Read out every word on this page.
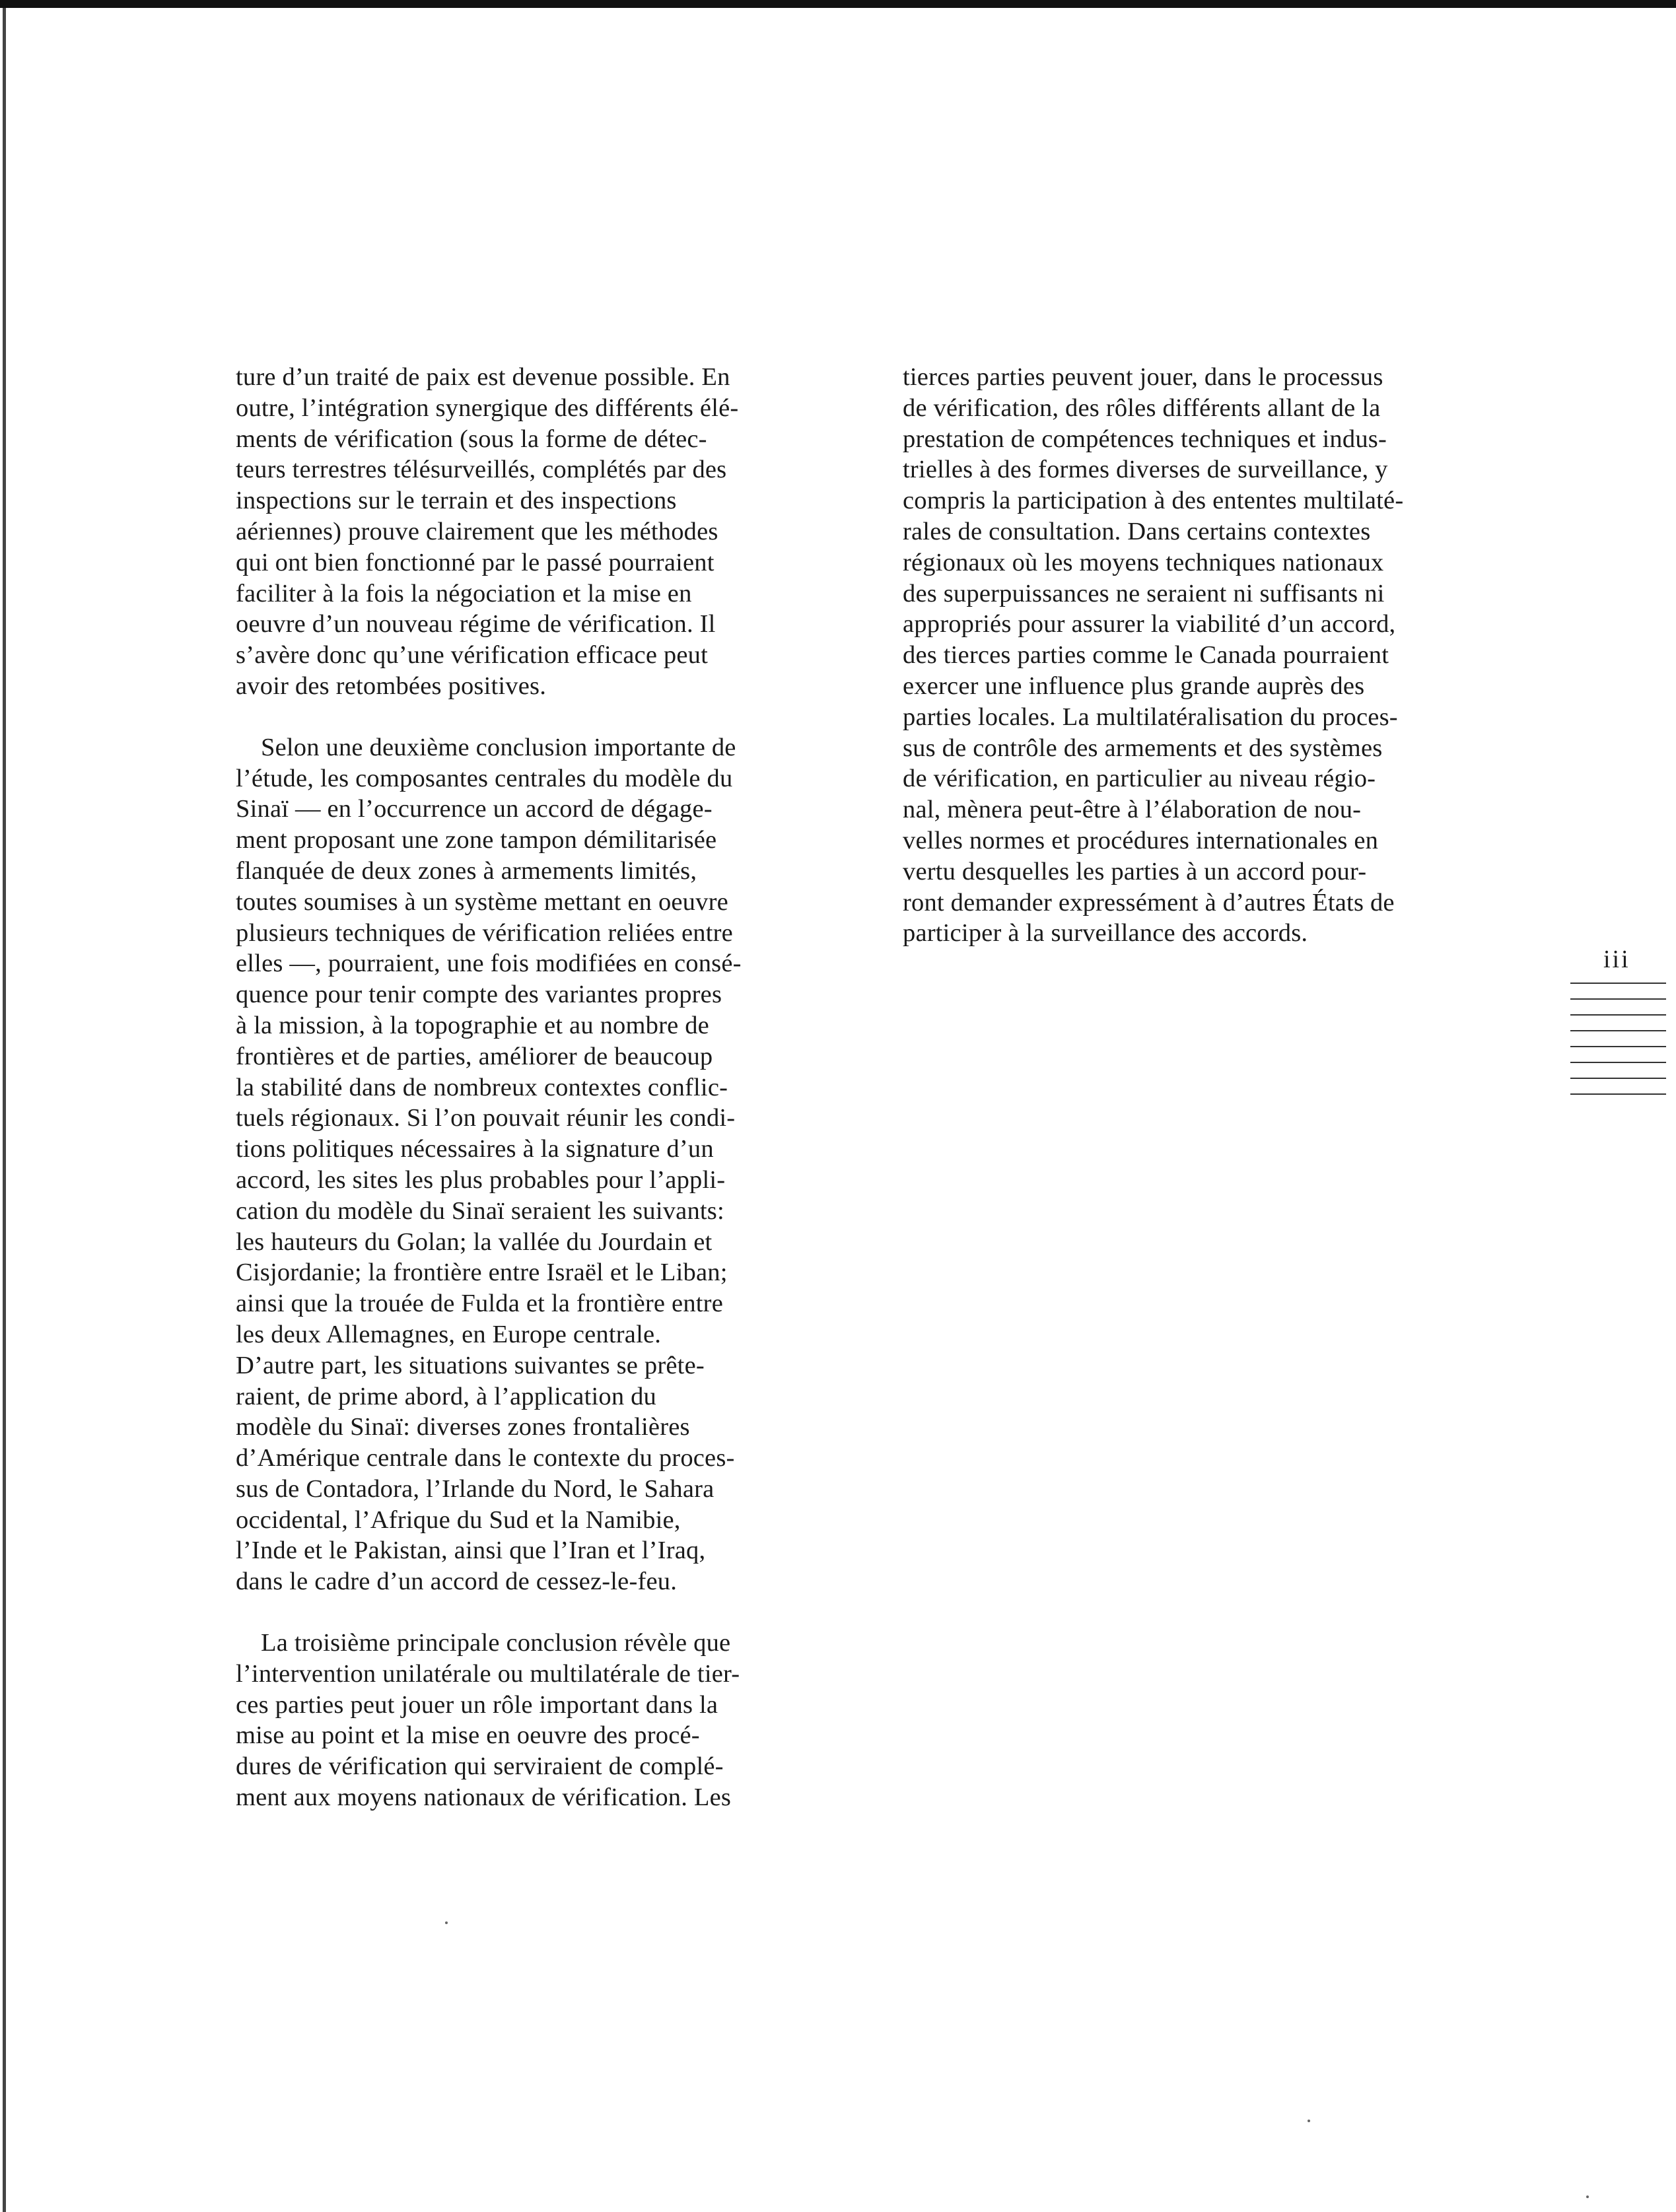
ture d’un traité de paix est devenue possible. En
outre, l’intégration synergique des différents élé-
ments de vérification (sous la forme de détec-
teurs terrestres télésurveillés, complétés par des
inspections sur le terrain et des inspections
aériennes) prouve clairement que les méthodes
qui ont bien fonctionné par le passé pourraient
faciliter à la fois la négociation et la mise en
oeuvre d’un nouveau régime de vérification. Il
s’avère donc qu’une vérification efficace peut
avoir des retombées positives.
Selon une deuxième conclusion importante de
l’étude, les composantes centrales du modèle du
Sinaï — en l’occurrence un accord de dégage-
ment proposant une zone tampon démilitarisée
flanquée de deux zones à armements limités,
toutes soumises à un système mettant en oeuvre
plusieurs techniques de vérification reliées entre
elles —, pourraient, une fois modifiées en consé-
quence pour tenir compte des variantes propres
à la mission, à la topographie et au nombre de
frontières et de parties, améliorer de beaucoup
la stabilité dans de nombreux contextes conflic-
tuels régionaux. Si l’on pouvait réunir les condi-
tions politiques nécessaires à la signature d’un
accord, les sites les plus probables pour l’appli-
cation du modèle du Sinaï seraient les suivants:
les hauteurs du Golan; la vallée du Jourdain et
Cisjordanie; la frontière entre Israël et le Liban;
ainsi que la trouée de Fulda et la frontière entre
les deux Allemagnes, en Europe centrale.
D’autre part, les situations suivantes se prête-
raient, de prime abord, à l’application du
modèle du Sinaï: diverses zones frontalières
d’Amérique centrale dans le contexte du proces-
sus de Contadora, l’Irlande du Nord, le Sahara
occidental, l’Afrique du Sud et la Namibie,
l’Inde et le Pakistan, ainsi que l’Iran et l’Iraq,
dans le cadre d’un accord de cessez-le-feu.
La troisième principale conclusion révèle que
l’intervention unilatérale ou multilatérale de tier-
ces parties peut jouer un rôle important dans la
mise au point et la mise en oeuvre des procé-
dures de vérification qui serviraient de complé-
ment aux moyens nationaux de vérification. Les
tierces parties peuvent jouer, dans le processus
de vérification, des rôles différents allant de la
prestation de compétences techniques et indus-
trielles à des formes diverses de surveillance, y
compris la participation à des ententes multilaté-
rales de consultation. Dans certains contextes
régionaux où les moyens techniques nationaux
des superpuissances ne seraient ni suffisants ni
appropriés pour assurer la viabilité d’un accord,
des tierces parties comme le Canada pourraient
exercer une influence plus grande auprès des
parties locales. La multilatéralisation du proces-
sus de contrôle des armements et des systèmes
de vérification, en particulier au niveau régio-
nal, mènera peut-être à l’élaboration de nou-
velles normes et procédures internationales en
vertu desquelles les parties à un accord pour-
ront demander expressément à d’autres États de
participer à la surveillance des accords.
iii
